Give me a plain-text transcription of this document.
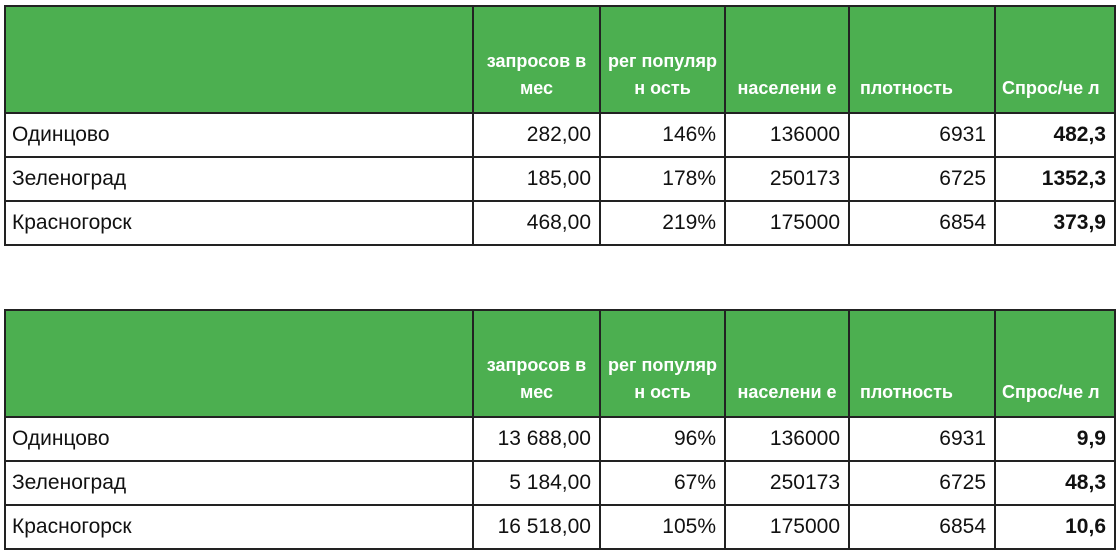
	запросов в мес	рег популярн ость	населени е	плотность	Спрос/че л
Одинцово	282,00	146%	136000	6931	482,3
Зеленоград	185,00	178%	250173	6725	1352,3
Красногорск	468,00	219%	175000	6854	373,9
	запросов в мес	рег популярн ость	населени е	плотность	Спрос/че л
Одинцово	13 688,00	96%	136000	6931	9,9
Зеленоград	5 184,00	67%	250173	6725	48,3
Красногорск	16 518,00	105%	175000	6854	10,6
